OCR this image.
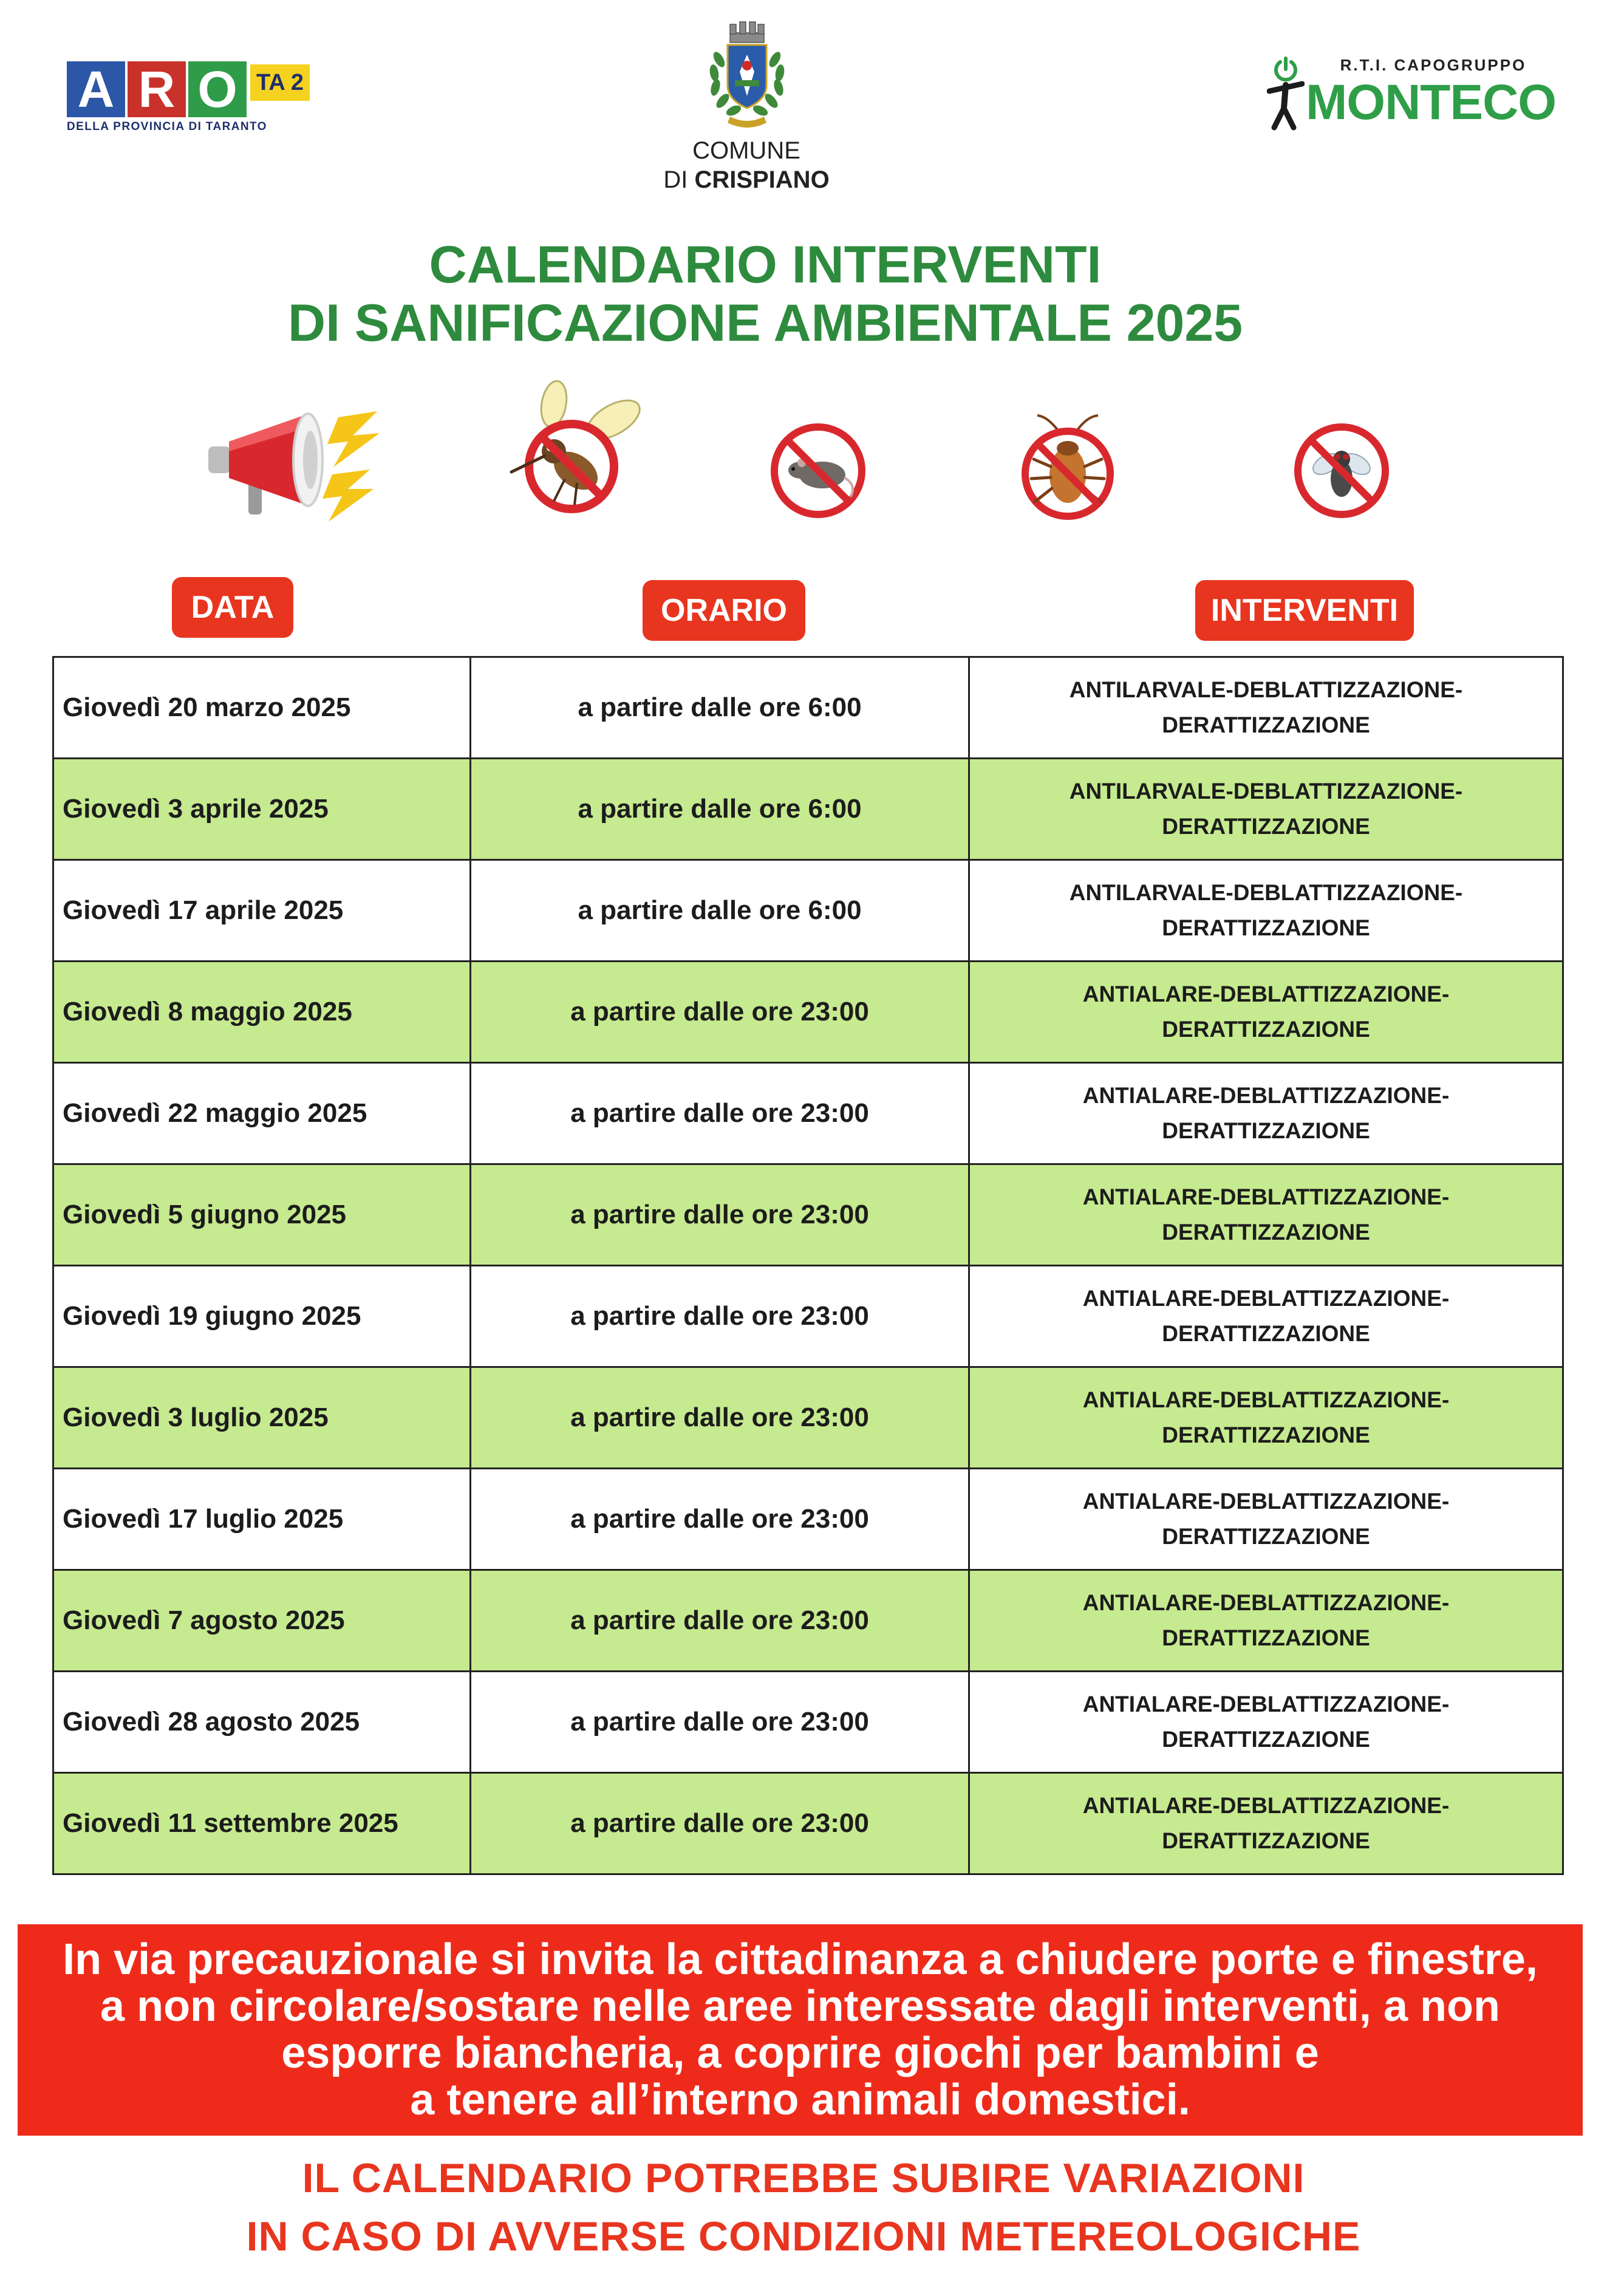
A R O TA 2
DELLA PROVINCIA DI TARANTO
COMUNE
DI CRISPIANO
R.T.I. CAPOGRUPPO
MONTECO
CALENDARIO INTERVENTI
DI SANIFICAZIONE AMBIENTALE 2025
DATA	ORARIO	INTERVENTI
Giovedì 20 marzo 2025	a partire dalle ore 6:00	ANTILARVALE-DEBLATTIZZAZIONE-DERATTIZZAZIONE
Giovedì 3 aprile 2025	a partire dalle ore 6:00	ANTILARVALE-DEBLATTIZZAZIONE-DERATTIZZAZIONE
Giovedì 17 aprile 2025	a partire dalle ore 6:00	ANTILARVALE-DEBLATTIZZAZIONE-DERATTIZZAZIONE
Giovedì 8 maggio 2025	a partire dalle ore 23:00	ANTIALARE-DEBLATTIZZAZIONE-DERATTIZZAZIONE
Giovedì 22 maggio 2025	a partire dalle ore 23:00	ANTIALARE-DEBLATTIZZAZIONE-DERATTIZZAZIONE
Giovedì 5 giugno 2025	a partire dalle ore 23:00	ANTIALARE-DEBLATTIZZAZIONE-DERATTIZZAZIONE
Giovedì 19 giugno 2025	a partire dalle ore 23:00	ANTIALARE-DEBLATTIZZAZIONE-DERATTIZZAZIONE
Giovedì 3 luglio 2025	a partire dalle ore 23:00	ANTIALARE-DEBLATTIZZAZIONE-DERATTIZZAZIONE
Giovedì 17 luglio 2025	a partire dalle ore 23:00	ANTIALARE-DEBLATTIZZAZIONE-DERATTIZZAZIONE
Giovedì 7 agosto 2025	a partire dalle ore 23:00	ANTIALARE-DEBLATTIZZAZIONE-DERATTIZZAZIONE
Giovedì 28 agosto 2025	a partire dalle ore 23:00	ANTIALARE-DEBLATTIZZAZIONE-DERATTIZZAZIONE
Giovedì 11 settembre 2025	a partire dalle ore 23:00	ANTIALARE-DEBLATTIZZAZIONE-DERATTIZZAZIONE
In via precauzionale si invita la cittadinanza a chiudere porte e finestre,
a non circolare/sostare nelle aree interessate dagli interventi, a non
esporre biancheria, a coprire giochi per bambini e
a tenere all’interno animali domestici.
IL CALENDARIO POTREBBE SUBIRE VARIAZIONI
IN CASO DI AVVERSE CONDIZIONI METEREOLOGICHE
